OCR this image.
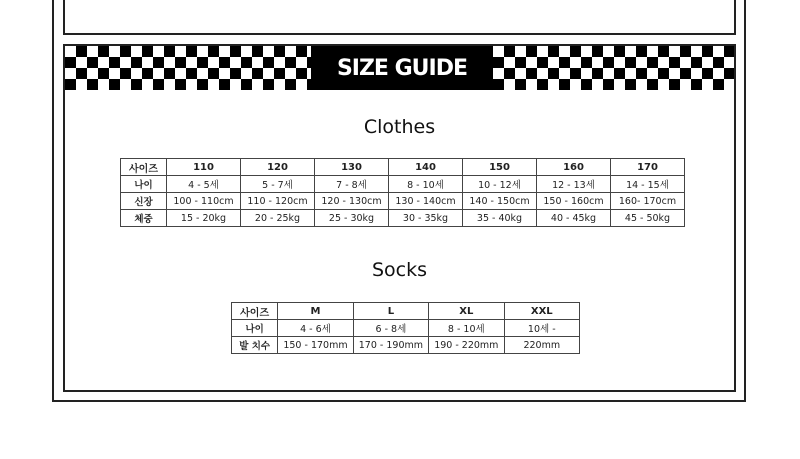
SIZE GUIDE
Clothes
사이즈	110	120	130	140	150	160	170
나이	4 - 5세	5 - 7세	7 - 8세	8 - 10세	10 - 12세	12 - 13세	14 - 15세
신장	100 - 110cm	110 - 120cm	120 - 130cm	130 - 140cm	140 - 150cm	150 - 160cm	160- 170cm
체중	15 - 20kg	20 - 25kg	25 - 30kg	30 - 35kg	35 - 40kg	40 - 45kg	45 - 50kg
Socks
사이즈	M	L	XL	XXL
나이	4 - 6세	6 - 8세	8 - 10세	10세 -
발 치수	150 - 170mm	170 - 190mm	190 - 220mm	220mm
